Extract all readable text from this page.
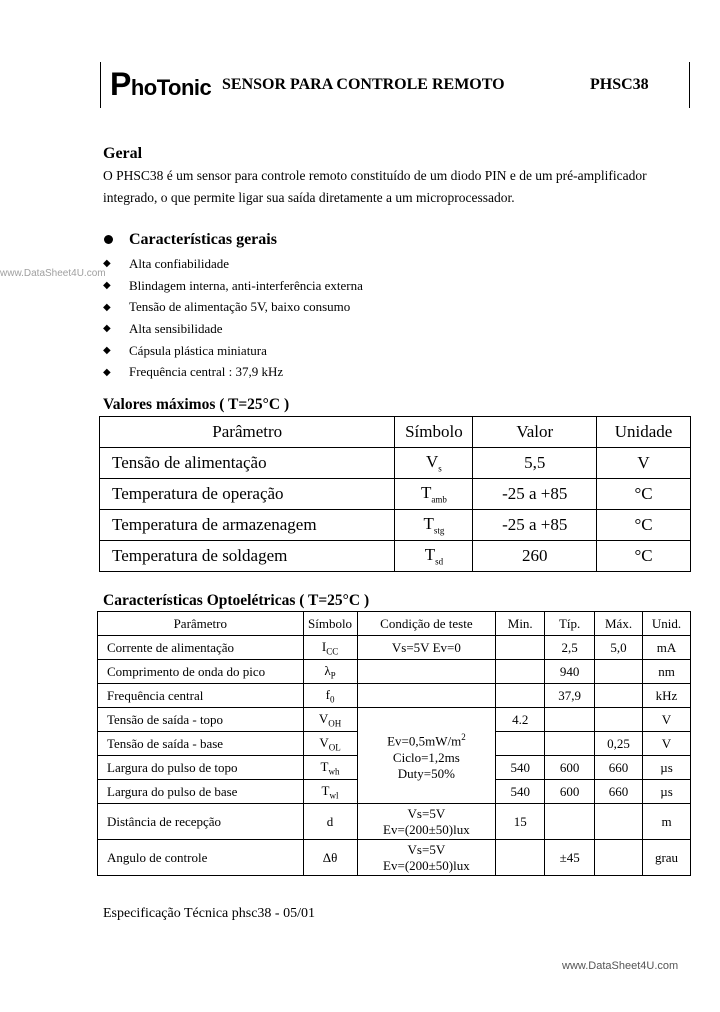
PhoTonic SENSOR PARA CONTROLE REMOTO	PHSC38
Geral
O PHSC38 é um sensor para controle remoto constituído de um diodo PIN e de um pré-amplificador
integrado, o que permite ligar sua saída diretamente a um microprocessador.
Características gerais
www.DataSheet4U.com
◆	Alta confiabilidade
◆	Blindagem interna, anti-interferência externa
◆	Tensão de alimentação 5V, baixo consumo
◆	Alta sensibilidade
◆	Cápsula plástica miniatura
◆	Frequência central : 37,9 kHz
Valores máximos ( T=25°C )
Parâmetro	Símbolo	Valor	Unidade
Tensão de alimentação	$V_s$	5,5	V
Temperatura de operação	$T_{amb}$	-25 a +85	°C
Temperatura de armazenagem	$T_{stg}$	-25 a +85	°C
Temperatura de soldagem	$T_{sd}$	260	°C
Características Optoelétricas ( T=25°C )
Parâmetro	Símbolo	Condição de teste	Min.	Típ.	Máx.	Unid.
Corrente de alimentação	$I_{CC}$	Vs=5V Ev=0		2,5	5,0	mA
Comprimento de onda do pico	$\lambda_P$			940		nm
Frequência central	$f_0$			37,9		kHz
Tensão de saída - topo	$V_{OH}$	$Ev=0,5mW/m^2$
Ciclo=1,2ms
Duty=50%	4.2			V
Tensão de saída - base	$V_{OL}$				0,25	V
Largura do pulso de topo	$T_{wh}$		540	600	660	µs
Largura do pulso de base	$T_{wl}$		540	600	660	µs
Distância de recepção	d	Vs=5V
Ev=(200±50)lux	15			m
Angulo de controle	Δθ	Vs=5V
Ev=(200±50)lux		±45		grau
Especificação Técnica phsc38 - 05/01
www.DataSheet4U.com
